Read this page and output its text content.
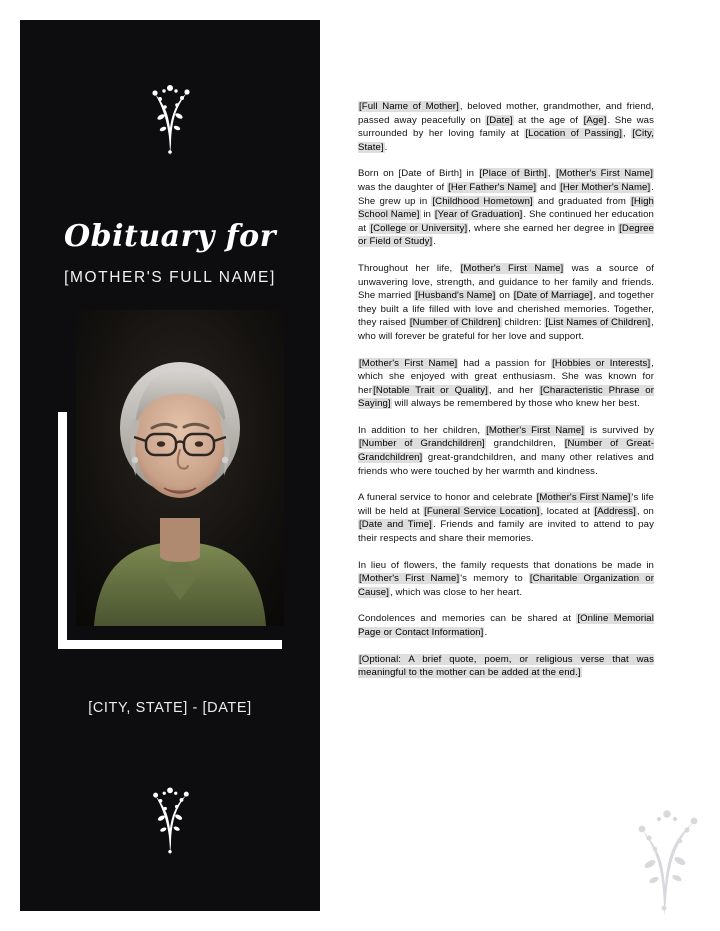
Obituary for
[MOTHER'S FULL NAME]
[CITY, STATE] - [DATE]

[Full Name of Mother], beloved mother, grandmother, and friend, passed away peacefully on [Date] at the age of [Age]. She was surrounded by her loving family at [Location of Passing], [City, State].

Born on [Date of Birth] in [Place of Birth], [Mother's First Name] was the daughter of [Her Father's Name] and [Her Mother's Name]. She grew up in [Childhood Hometown] and graduated from [High School Name] in [Year of Graduation]. She continued her education at [College or University], where she earned her degree in [Degree or Field of Study].

Throughout her life, [Mother's First Name] was a source of unwavering love, strength, and guidance to her family and friends. She married [Husband's Name] on [Date of Marriage], and together they built a life filled with love and cherished memories. Together, they raised [Number of Children] children: [List Names of Children], who will forever be grateful for her love and support.

[Mother's First Name] had a passion for [Hobbies or Interests], which she enjoyed with great enthusiasm. She was known for her[Notable Trait or Quality], and her [Characteristic Phrase or Saying] will always be remembered by those who knew her best.

In addition to her children, [Mother's First Name] is survived by [Number of Grandchildren] grandchildren, [Number of Great-Grandchildren] great-grandchildren, and many other relatives and friends who were touched by her warmth and kindness.

A funeral service to honor and celebrate [Mother's First Name]'s life will be held at [Funeral Service Location], located at [Address], on [Date and Time]. Friends and family are invited to attend to pay their respects and share their memories.

In lieu of flowers, the family requests that donations be made in [Mother's First Name]'s memory to [Charitable Organization or Cause], which was close to her heart.

Condolences and memories can be shared at [Online Memorial Page or Contact Information].

[Optional: A brief quote, poem, or religious verse that was meaningful to the mother can be added at the end.]
